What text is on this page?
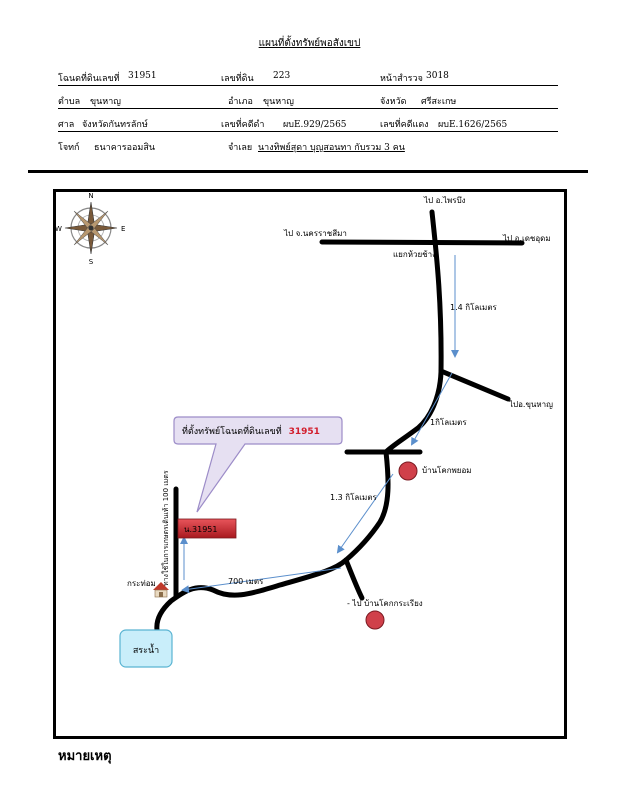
แผนที่ตั้งทรัพย์พอสังเขป
โฉนดที่ดินเลขที่ 31951	เลขที่ดิน 223	หน้าสำรวจ 3018
ตำบล ขุนหาญ	อำเภอ ขุนหาญ	จังหวัด ศรีสะเกษ
ศาล จังหวัดกันทรลักษ์	เลขที่คดีดำ ผบE.929/2565	เลขที่คดีแดง ผบE.1626/2565
โจทก์ ธนาคารออมสิน	จำเลย นางทิพย์สุดา บุญสอนทา กับรวม 3 คน
N
S
E
W
น.31951
ที่ตั้งทรัพย์โฉนดที่ดินเลขที่ 31951
สระน้ำ
ไป อ.ไพรบึง
ไป จ.นครราชสีมา
ไป อ.เดชอุดม
แยกห้วยช้าง
1.4 กิโลเมตร
ไปอ.ขุนหาญ
1กิโลเมตร
บ้านโคกพยอม
1.3 กิโลเมตร
- ไป บ้านโคกกระเรียง
700 เมตร
กระท่อม ทางใช้ในการเกษตรเดินเท้า 100 เมตร
หมายเหตุ
